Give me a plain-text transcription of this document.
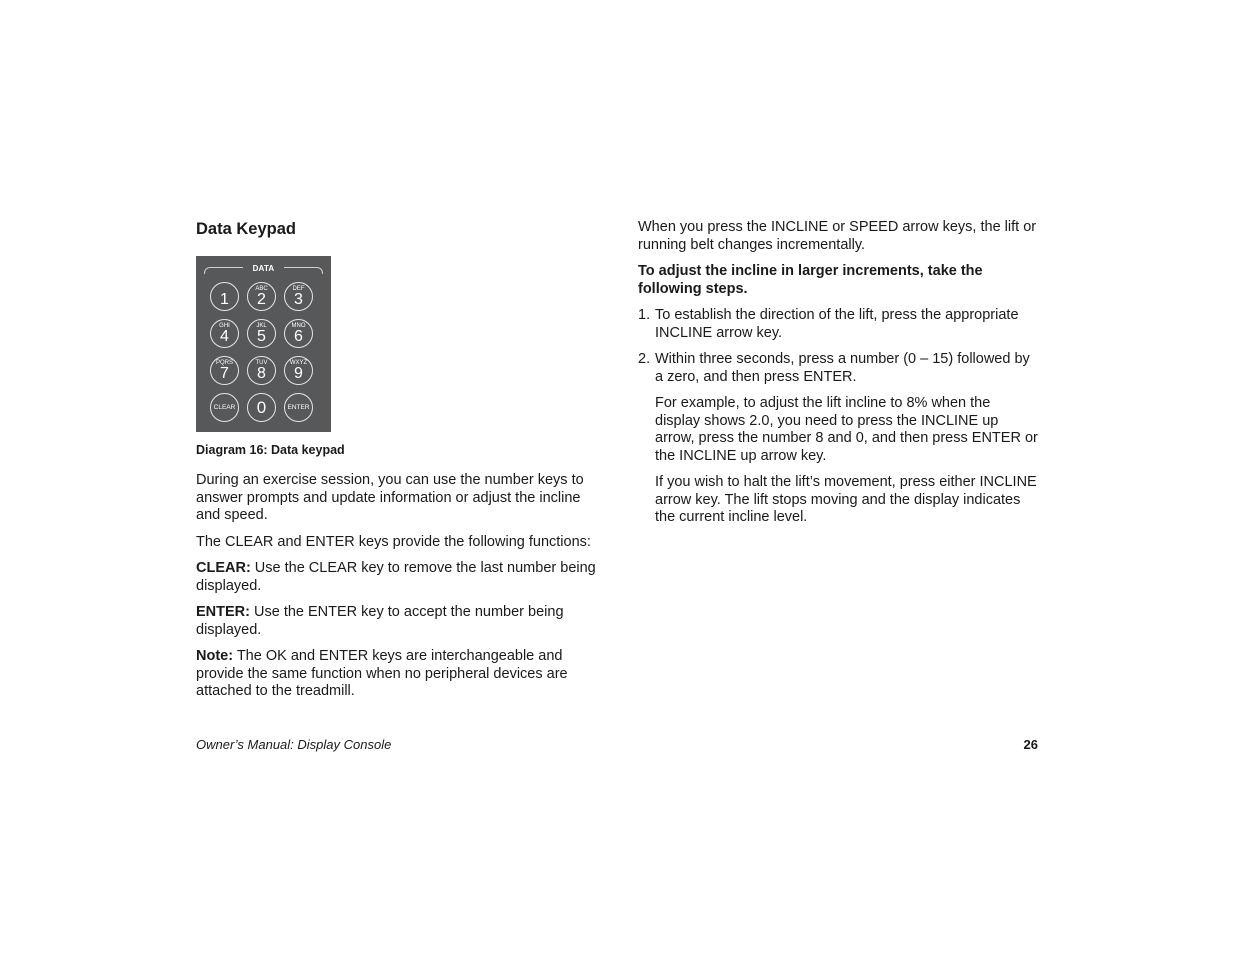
Data Keypad
DATA
1
ABC
2
DEF
3
GHI
4
JKL
5
MNO
6
PQRS
7
TUV
8
WXYZ
9
CLEAR	0	ENTER
Diagram 16: Data keypad

During an exercise session, you can use the number keys to answer prompts and update information or adjust the incline and speed.

The CLEAR and ENTER keys provide the following functions:

CLEAR: Use the CLEAR key to remove the last number being displayed.

ENTER: Use the ENTER key to accept the number being displayed.

Note: The OK and ENTER keys are interchangeable and provide the same function when no peripheral devices are attached to the treadmill.

When you press the INCLINE or SPEED arrow keys, the lift or running belt changes incrementally.

To adjust the incline in larger increments, take the following steps.

1. To establish the direction of the lift, press the appropriate INCLINE arrow key.
2. Within three seconds, press a number (0 – 15) followed by a zero, and then press ENTER.

For example, to adjust the lift incline to 8% when the display shows 2.0, you need to press the INCLINE up arrow, press the number 8 and 0, and then press ENTER or the INCLINE up arrow key.

If you wish to halt the lift’s movement, press either INCLINE arrow key. The lift stops moving and the display indicates the current incline level.

Owner’s Manual: Display Console	26
